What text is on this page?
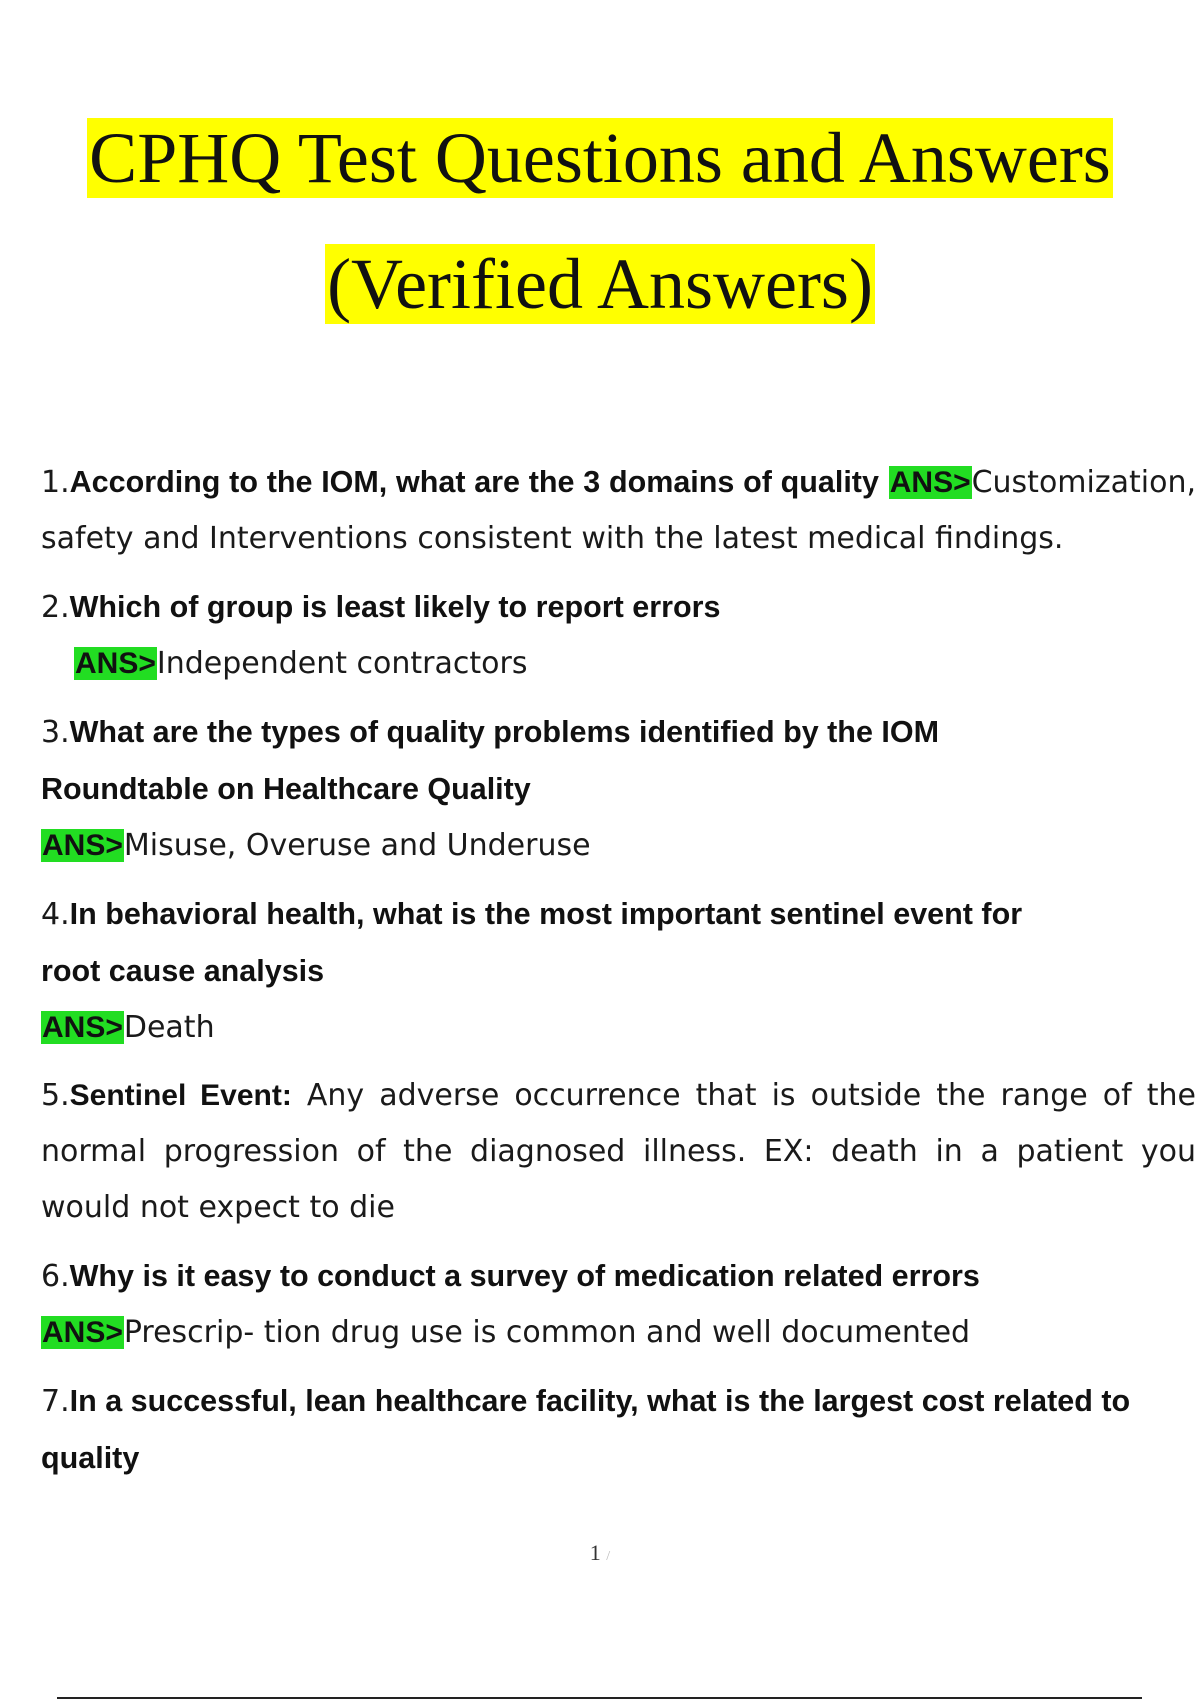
CPHQ Test Questions and Answers
(Verified Answers)
1.According to the IOM, what are the 3 domains of quality ANS>Customization, safety and Interventions consistent with the latest medical findings.
2.Which of group is least likely to report errors
ANS>Independent contractors
3.What are the types of quality problems identified by the IOM Roundtable on Healthcare Quality
ANS>Misuse, Overuse and Underuse
4.In behavioral health, what is the most important sentinel event for root cause analysis
ANS>Death
5.Sentinel Event: Any adverse occurrence that is outside the range of the normal progression of the diagnosed illness. EX: death in a patient you would not expect to die
6.Why is it easy to conduct a survey of medication related errors
ANS>Prescrip- tion drug use is common and well documented
7.In a successful, lean healthcare facility, what is the largest cost related to quality
1 /
